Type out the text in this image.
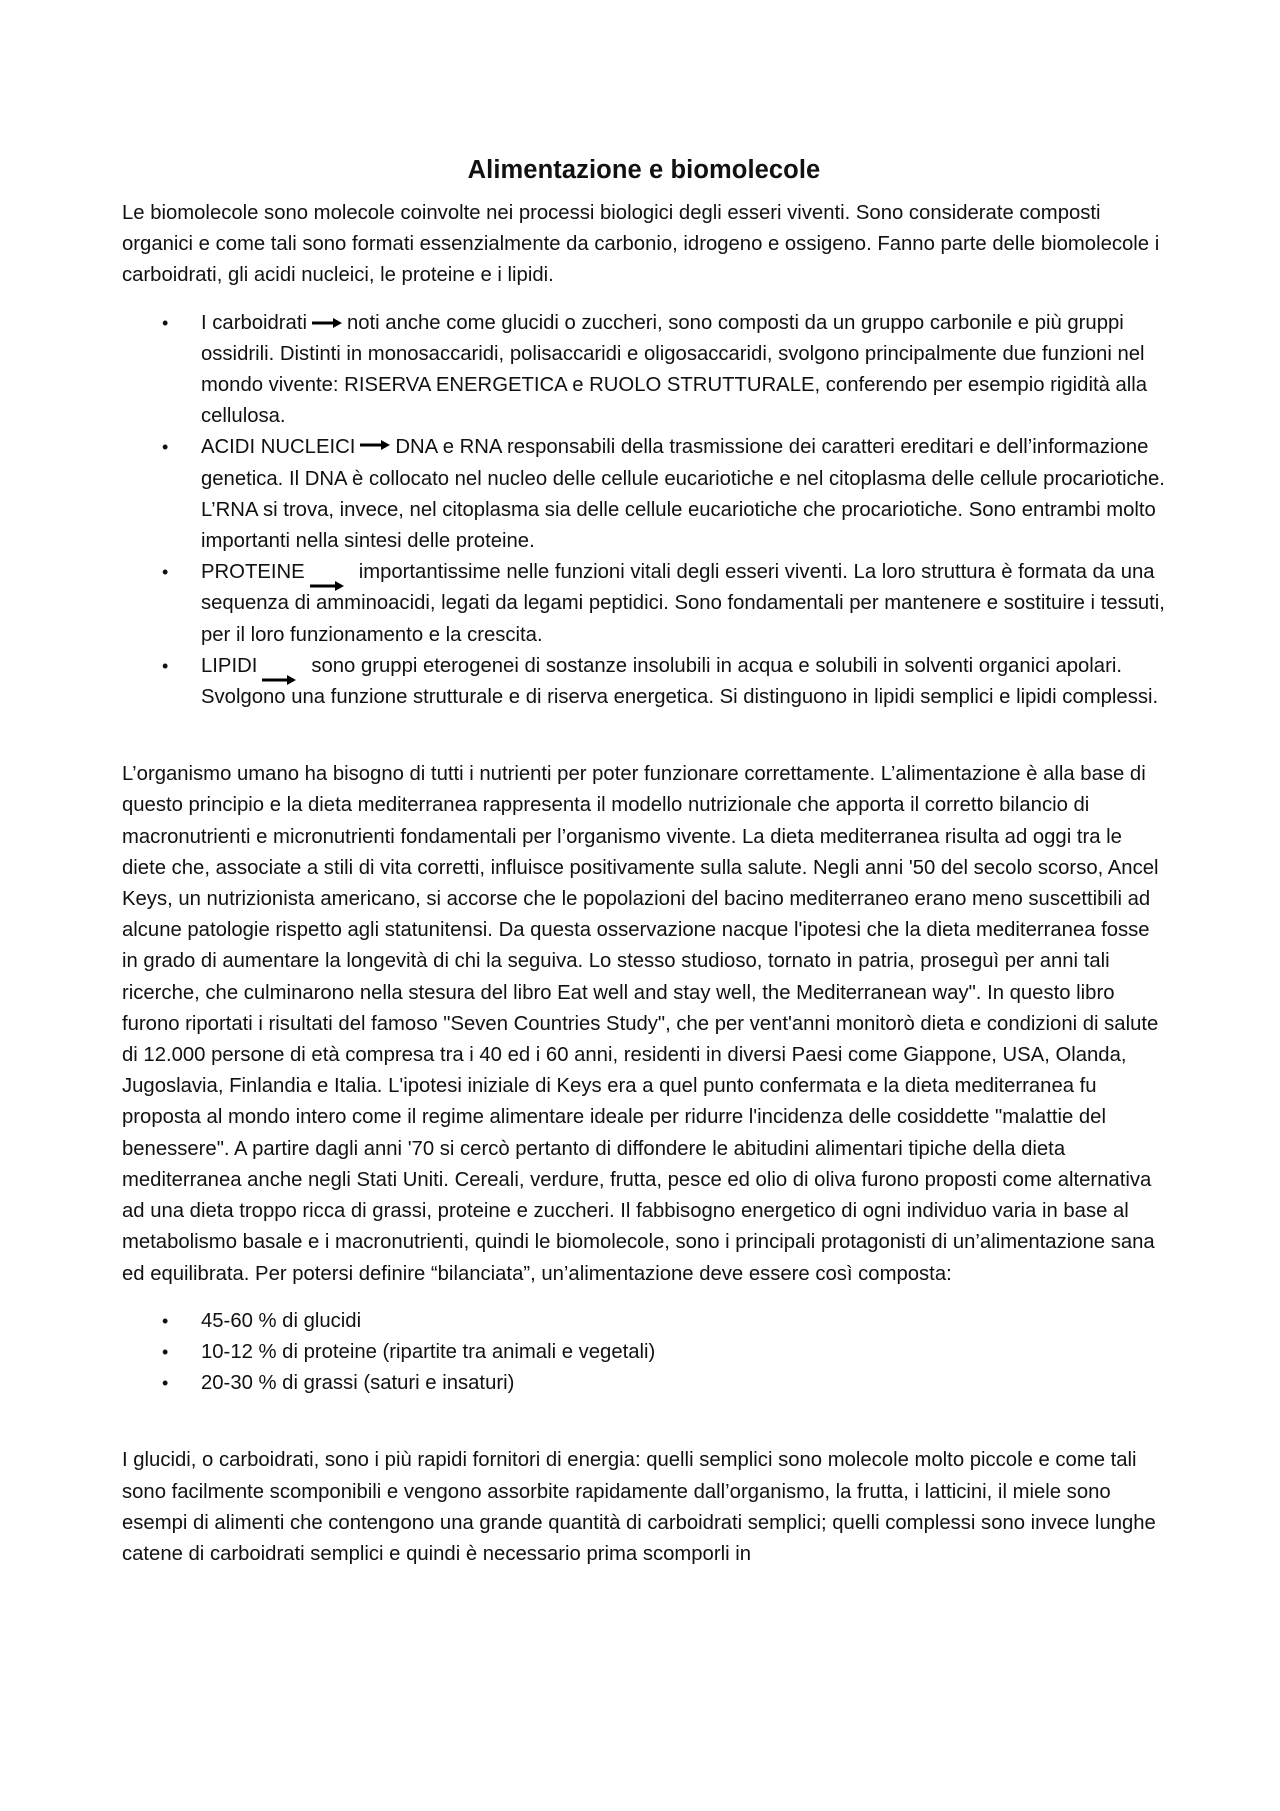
Alimentazione e biomolecole

Le biomolecole sono molecole coinvolte nei processi biologici degli esseri viventi. Sono considerate composti organici e come tali sono formati essenzialmente da carbonio, idrogeno e ossigeno. Fanno parte delle biomolecole i carboidrati, gli acidi nucleici, le proteine e i lipidi.

• I carboidrati noti anche come glucidi o zuccheri, sono composti da un gruppo carbonile e più gruppi ossidrili. Distinti in monosaccaridi, polisaccaridi e oligosaccaridi, svolgono principalmente due funzioni nel mondo vivente: RISERVA ENERGETICA e RUOLO STRUTTURALE, conferendo per esempio rigidità alla cellulosa.
• ACIDI NUCLEICI DNA e RNA responsabili della trasmissione dei caratteri ereditari e dell’informazione genetica. Il DNA è collocato nel nucleo delle cellule eucariotiche e nel citoplasma delle cellule procariotiche. L’RNA si trova, invece, nel citoplasma sia delle cellule eucariotiche che procariotiche. Sono entrambi molto importanti nella sintesi delle proteine.
• PROTEINE	importantissime nelle funzioni vitali degli esseri viventi. La loro struttura è formata da una sequenza di amminoacidi, legati da legami peptidici. Sono fondamentali per mantenere e sostituire i tessuti, per il loro funzionamento e la crescita.
• LIPIDI	sono gruppi eterogenei di sostanze insolubili in acqua e solubili in solventi organici apolari. Svolgono una funzione strutturale e di riserva energetica. Si distinguono in lipidi semplici e lipidi complessi.

L’organismo umano ha bisogno di tutti i nutrienti per poter funzionare correttamente. L’alimentazione è alla base di questo principio e la dieta mediterranea rappresenta il modello nutrizionale che apporta il corretto bilancio di macronutrienti e micronutrienti fondamentali per l’organismo vivente. La dieta mediterranea risulta ad oggi tra le diete che, associate a stili di vita corretti, influisce positivamente sulla salute. Negli anni '50 del secolo scorso, Ancel Keys, un nutrizionista americano, si accorse che le popolazioni del bacino mediterraneo erano meno suscettibili ad alcune patologie rispetto agli statunitensi. Da questa osservazione nacque l'ipotesi che la dieta mediterranea fosse in grado di aumentare la longevità di chi la seguiva. Lo stesso studioso, tornato in patria, proseguì per anni tali ricerche, che culminarono nella stesura del libro Eat well and stay well, the Mediterranean way". In questo libro furono riportati i risultati del famoso "Seven Countries Study", che per vent'anni monitorò dieta e condizioni di salute di 12.000 persone di età compresa tra i 40 ed i 60 anni, residenti in diversi Paesi come Giappone, USA, Olanda, Jugoslavia, Finlandia e Italia. L'ipotesi iniziale di Keys era a quel punto confermata e la dieta mediterranea fu proposta al mondo intero come il regime alimentare ideale per ridurre l'incidenza delle cosiddette "malattie del benessere". A partire dagli anni '70 si cercò pertanto di diffondere le abitudini alimentari tipiche della dieta mediterranea anche negli Stati Uniti. Cereali, verdure, frutta, pesce ed olio di oliva furono proposti come alternativa ad una dieta troppo ricca di grassi, proteine e zuccheri. Il fabbisogno energetico di ogni individuo varia in base al metabolismo basale e i macronutrienti, quindi le biomolecole, sono i principali protagonisti di un’alimentazione sana ed equilibrata. Per potersi definire “bilanciata”, un’alimentazione deve essere così composta:

• 45-60 % di glucidi
• 10-12 % di proteine (ripartite tra animali e vegetali)
• 20-30 % di grassi (saturi e insaturi)

I glucidi, o carboidrati, sono i più rapidi fornitori di energia: quelli semplici sono molecole molto piccole e come tali sono facilmente scomponibili e vengono assorbite rapidamente dall’organismo, la frutta, i latticini, il miele sono esempi di alimenti che contengono una grande quantità di carboidrati semplici; quelli complessi sono invece lunghe catene di carboidrati semplici e quindi è necessario prima scomporli in
